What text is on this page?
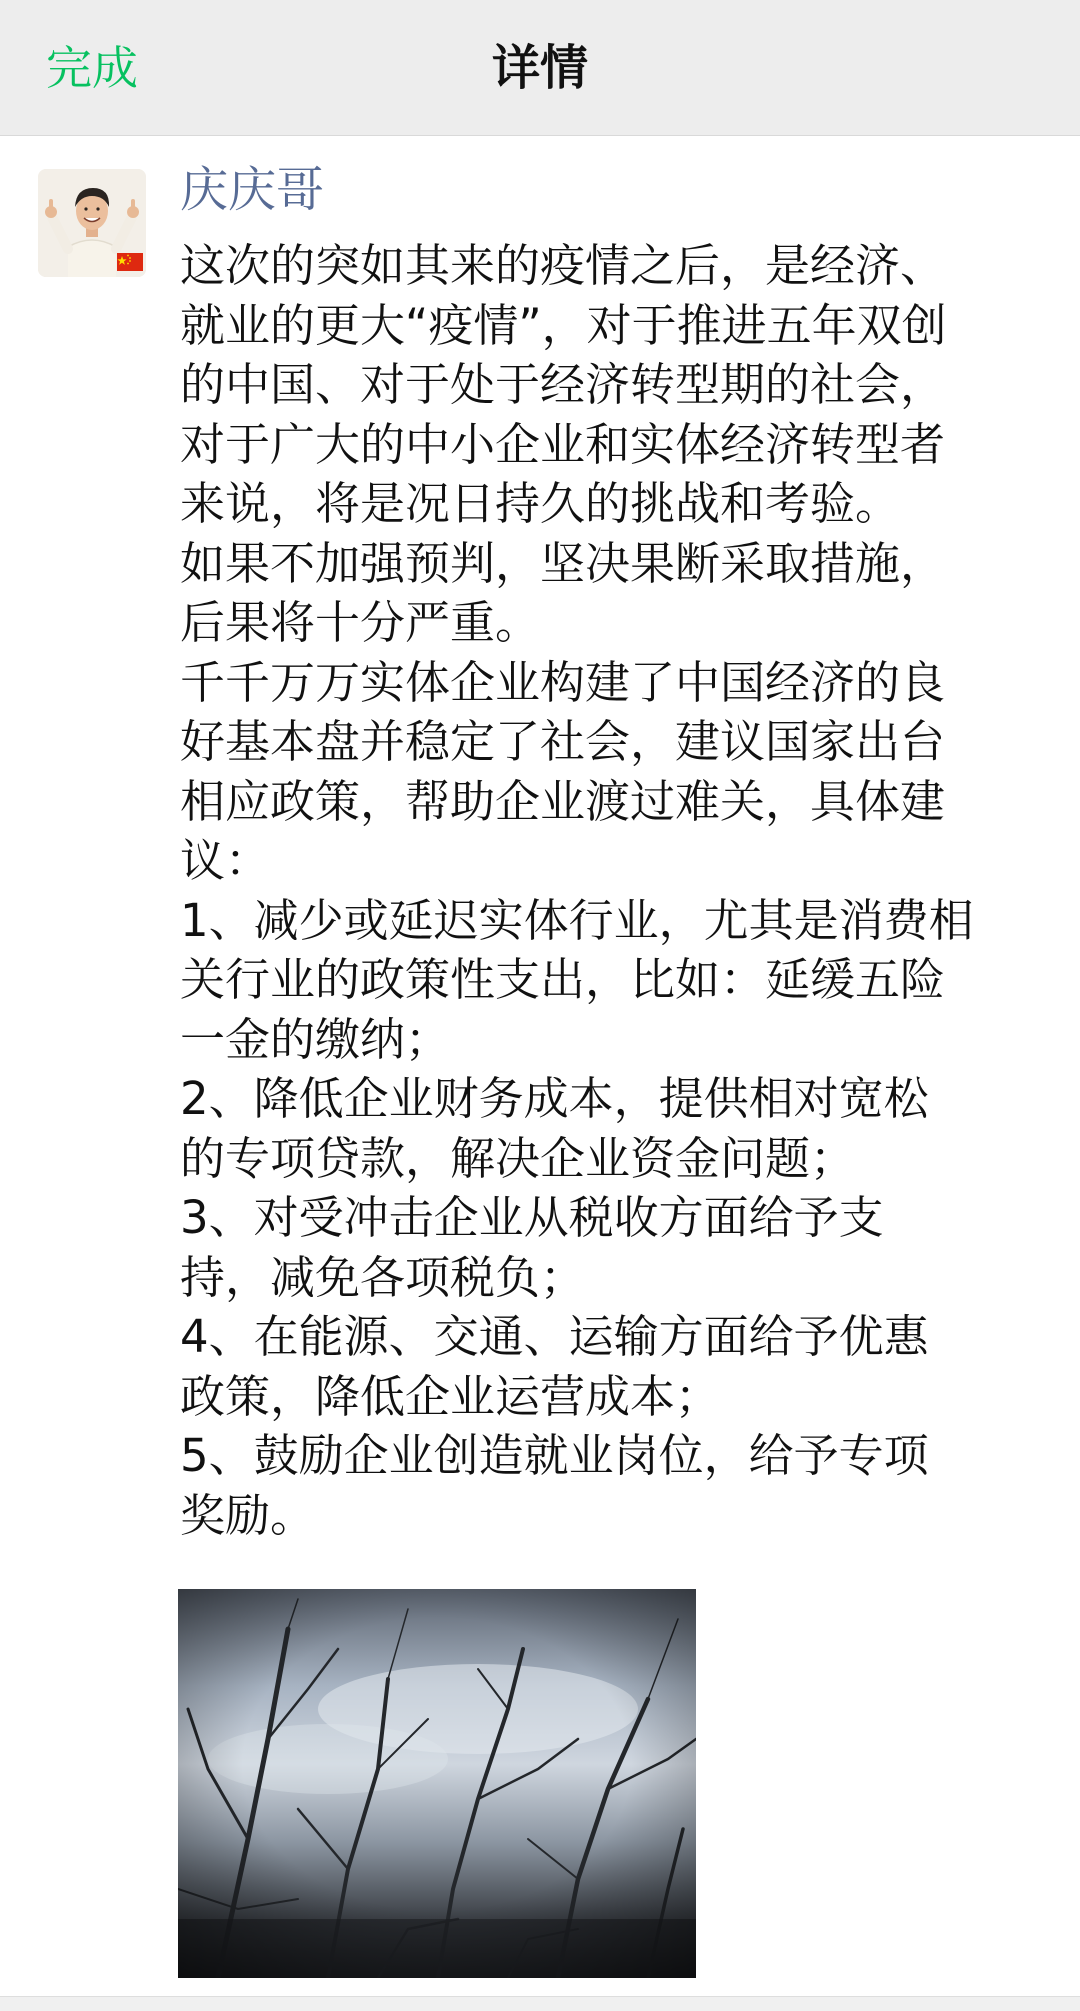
完成	详情
庆庆哥

这次的突如其来的疫情之后，是经济、
就业的更大“疫情”，对于推进五年双创
的中国、对于处于经济转型期的社会，
对于广大的中小企业和实体经济转型者
来说，将是况日持久的挑战和考验。
如果不加强预判，坚决果断采取措施，
后果将十分严重。
千千万万实体企业构建了中国经济的良
好基本盘并稳定了社会，建议国家出台
相应政策，帮助企业渡过难关，具体建
议：
1、减少或延迟实体行业，尤其是消费相
关行业的政策性支出，比如：延缓五险
一金的缴纳；
2、降低企业财务成本，提供相对宽松
的专项贷款，解决企业资金问题；
3、对受冲击企业从税收方面给予支
持，减免各项税负；
4、在能源、交通、运输方面给予优惠
政策，降低企业运营成本；
5、鼓励企业创造就业岗位，给予专项
奖励。
